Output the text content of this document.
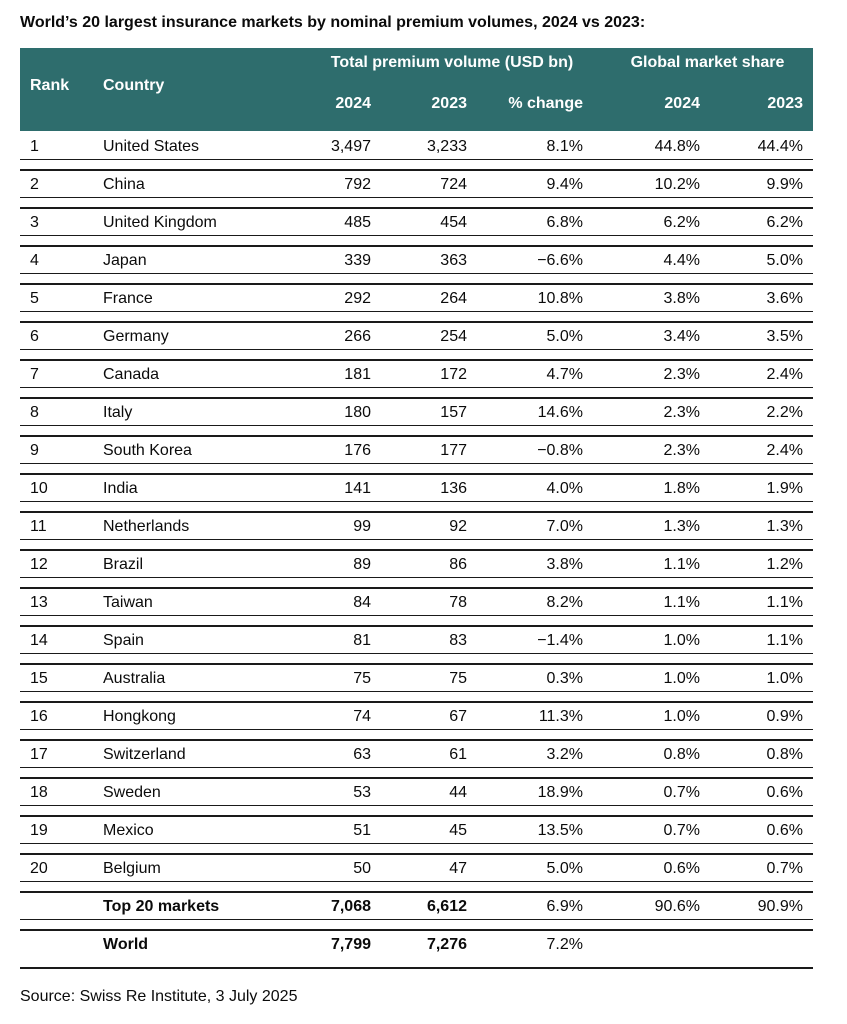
World’s 20 largest insurance markets by nominal premium volumes, 2024 vs 2023:
Total premium volume (USD bn)	Global market share
Rank	Country
2024	2023	% change	2024	2023
1	United States	3,497	3,233	8.1%	44.8%	44.4%
2	China	792	724	9.4%	10.2%	9.9%
3	United Kingdom	485	454	6.8%	6.2%	6.2%
4	Japan	339	363	−6.6%	4.4%	5.0%
5	France	292	264	10.8%	3.8%	3.6%
6	Germany	266	254	5.0%	3.4%	3.5%
7	Canada	181	172	4.7%	2.3%	2.4%
8	Italy	180	157	14.6%	2.3%	2.2%
9	South Korea	176	177	−0.8%	2.3%	2.4%
10	India	141	136	4.0%	1.8%	1.9%
11	Netherlands	99	92	7.0%	1.3%	1.3%
12	Brazil	89	86	3.8%	1.1%	1.2%
13	Taiwan	84	78	8.2%	1.1%	1.1%
14	Spain	81	83	−1.4%	1.0%	1.1%
15	Australia	75	75	0.3%	1.0%	1.0%
16	Hongkong	74	67	11.3%	1.0%	0.9%
17	Switzerland	63	61	3.2%	0.8%	0.8%
18	Sweden	53	44	18.9%	0.7%	0.6%
19	Mexico	51	45	13.5%	0.7%	0.6%
20	Belgium	50	47	5.0%	0.6%	0.7%
Top 20 markets	7,068	6,612	6.9%	90.6%	90.9%
World	7,799	7,276	7.2%
Source: Swiss Re Institute, 3 July 2025
